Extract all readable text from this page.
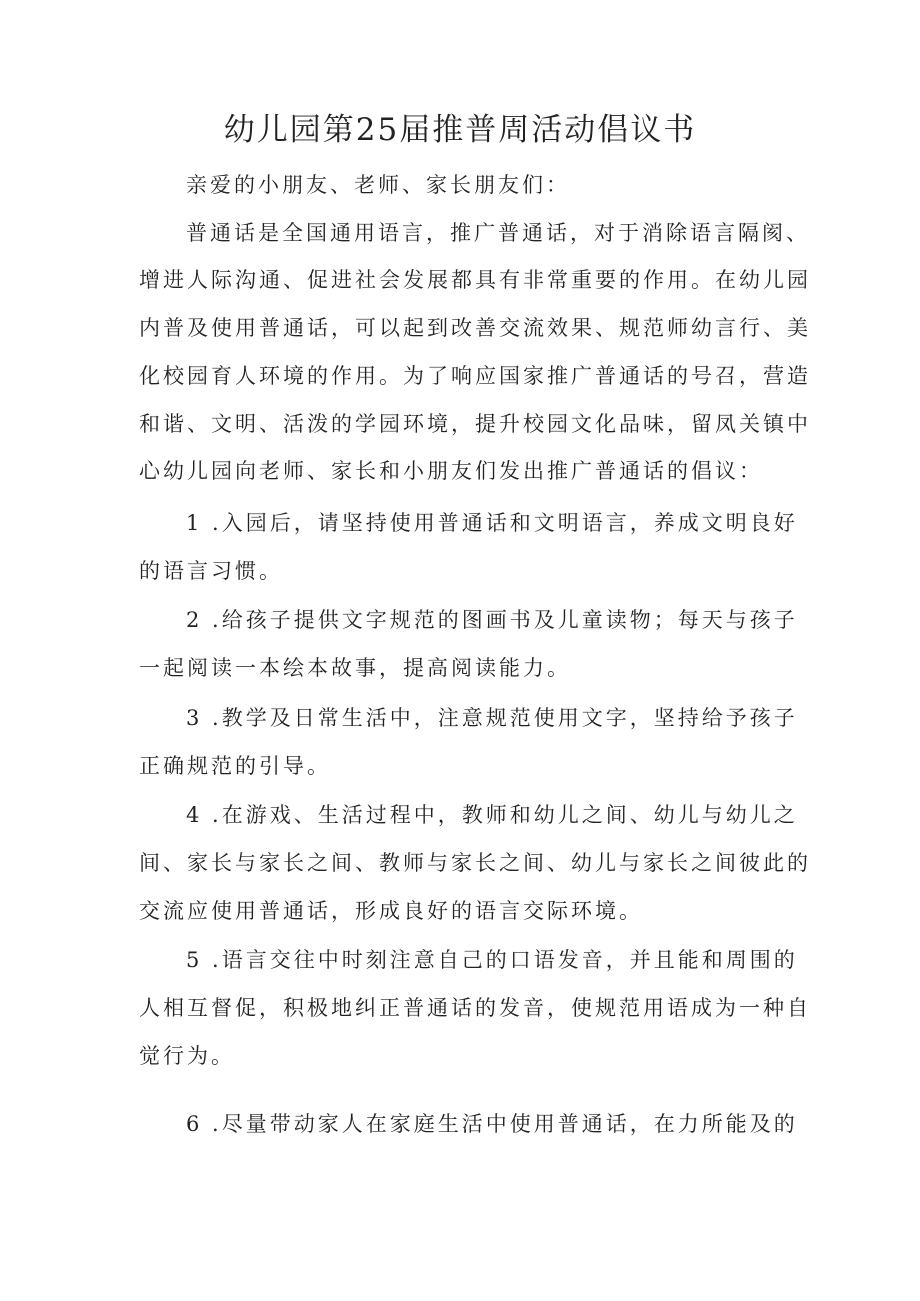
幼儿园第25届推普周活动倡议书

亲爱的小朋友、老师、家长朋友们：

普通话是全国通用语言，推广普通话，对于消除语言隔阂、

增进人际沟通、促进社会发展都具有非常重要的作用。在幼儿园

内普及使用普通话，可以起到改善交流效果、规范师幼言行、美

化校园育人环境的作用。为了响应国家推广普通话的号召，营造

和谐、文明、活泼的学园环境，提升校园文化品味，留凤关镇中

心幼儿园向老师、家长和小朋友们发出推广普通话的倡议：

1 .入园后，请坚持使用普通话和文明语言，养成文明良好

的语言习惯。

2 .给孩子提供文字规范的图画书及儿童读物；每天与孩子

一起阅读一本绘本故事，提高阅读能力。

3 .教学及日常生活中，注意规范使用文字，坚持给予孩子

正确规范的引导。

4 .在游戏、生活过程中，教师和幼儿之间、幼儿与幼儿之

间、家长与家长之间、教师与家长之间、幼儿与家长之间彼此的

交流应使用普通话，形成良好的语言交际环境。

5 .语言交往中时刻注意自己的口语发音，并且能和周围的

人相互督促，积极地纠正普通话的发音，使规范用语成为一种自

觉行为。

6 .尽量带动家人在家庭生活中使用普通话，在力所能及的
